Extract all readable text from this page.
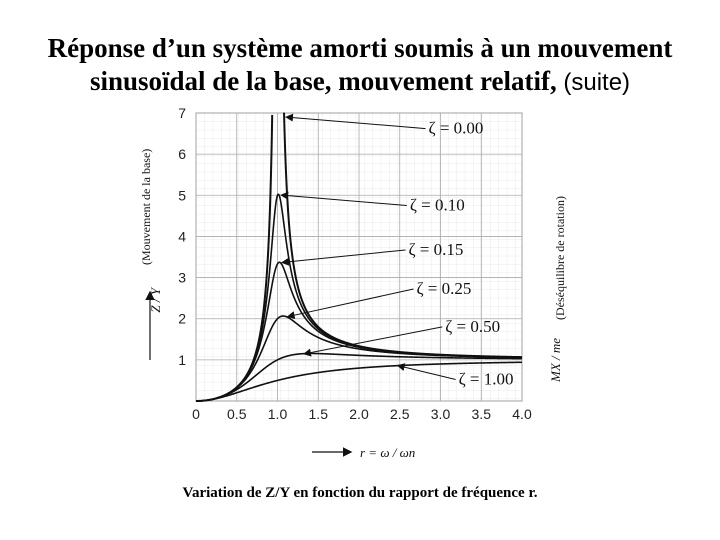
Réponse d’un système amorti soumis à un mouvement
sinusoïdal de la base, mouvement relatif, (suite)
0 0.5 1.0 1.5 2.0 2.5 3.0 3.5 4.0
1
2
3
4
5
6
7
ζ = 0.00
ζ = 0.10
ζ = 0.15
ζ = 0.25
ζ = 0.50
ζ = 1.00
(Mouvement de la base)
Z / Y	(Déséquilibre de rotation)
MX / me
r = ω / ωn
Variation de Z/Y en fonction du rapport de fréquence r.
